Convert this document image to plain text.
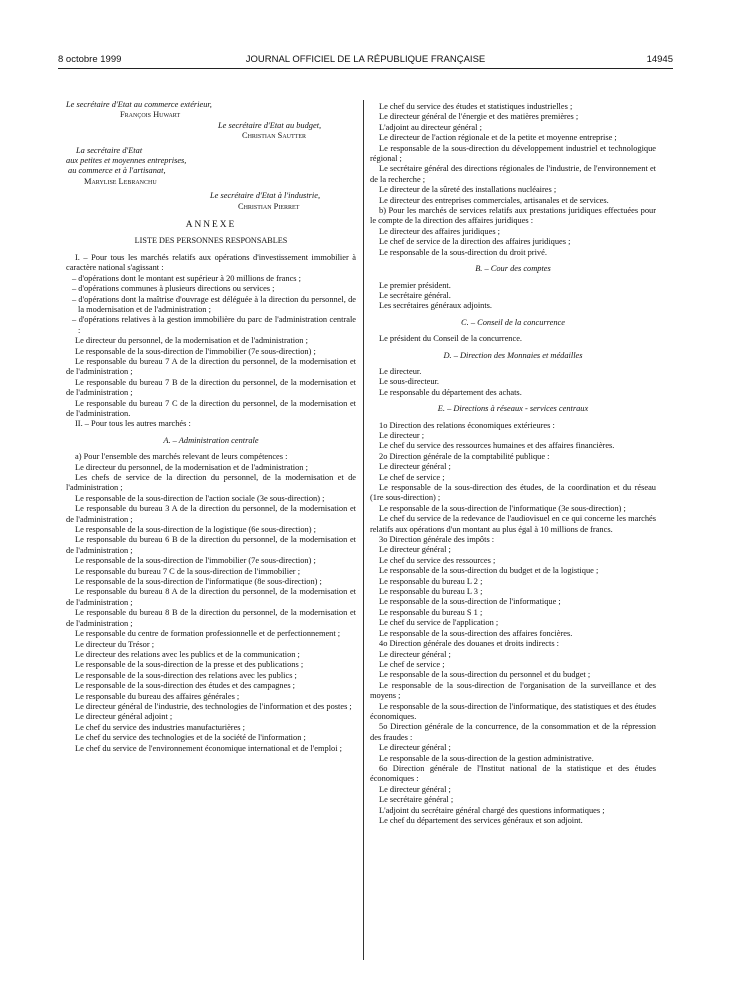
8 octobre 1999	JOURNAL OFFICIEL DE LA RÉPUBLIQUE FRANÇAISE	14945

Le secrétaire d'Etat au commerce extérieur,

François Huwart

Le secrétaire d'Etat au budget,

Christian Sautter

La secrétaire d'Etat

aux petites et moyennes entreprises,

au commerce et à l'artisanat,

Marylise Lebranchu

Le secrétaire d'Etat à l'industrie,

Christian Pierret

ANNEXE

LISTE DES PERSONNES RESPONSABLES

I. – Pour tous les marchés relatifs aux opérations d'investissement immobilier à caractère national s'agissant :

– d'opérations dont le montant est supérieur à 20 millions de francs ;

– d'opérations communes à plusieurs directions ou services ;

– d'opérations dont la maîtrise d'ouvrage est déléguée à la direction du personnel, de la modernisation et de l'administration ;

– d'opérations relatives à la gestion immobilière du parc de l'administration centrale :

Le directeur du personnel, de la modernisation et de l'administration ;

Le responsable de la sous-direction de l'immobilier (7e sous-direction) ;

Le responsable du bureau 7 A de la direction du personnel, de la modernisation et de l'administration ;

Le responsable du bureau 7 B de la direction du personnel, de la modernisation et de l'administration ;

Le responsable du bureau 7 C de la direction du personnel, de la modernisation et de l'administration.

II. – Pour tous les autres marchés :

A. – Administration centrale

a) Pour l'ensemble des marchés relevant de leurs compétences :

Le directeur du personnel, de la modernisation et de l'administration ;

Les chefs de service de la direction du personnel, de la modernisation et de l'administration ;

Le responsable de la sous-direction de l'action sociale (3e sous-direction) ;

Le responsable du bureau 3 A de la direction du personnel, de la modernisation et de l'administration ;

Le responsable de la sous-direction de la logistique (6e sous-direction) ;

Le responsable du bureau 6 B de la direction du personnel, de la modernisation et de l'administration ;

Le responsable de la sous-direction de l'immobilier (7e sous-direction) ;

Le responsable du bureau 7 C de la sous-direction de l'immobilier ;

Le responsable de la sous-direction de l'informatique (8e sous-direction) ;

Le responsable du bureau 8 A de la direction du personnel, de la modernisation et de l'administration ;

Le responsable du bureau 8 B de la direction du personnel, de la modernisation et de l'administration ;

Le responsable du centre de formation professionnelle et de perfectionnement ;

Le directeur du Trésor ;

Le directeur des relations avec les publics et de la communication ;

Le responsable de la sous-direction de la presse et des publications ;

Le responsable de la sous-direction des relations avec les publics ;

Le responsable de la sous-direction des études et des campagnes ;

Le responsable du bureau des affaires générales ;

Le directeur général de l'industrie, des technologies de l'information et des postes ;

Le directeur général adjoint ;

Le chef du service des industries manufacturières ;

Le chef du service des technologies et de la société de l'information ;

Le chef du service de l'environnement économique international et de l'emploi ;

Le chef du service des études et statistiques industrielles ;

Le directeur général de l'énergie et des matières premières ;

L'adjoint au directeur général ;

Le directeur de l'action régionale et de la petite et moyenne entreprise ;

Le responsable de la sous-direction du développement industriel et technologique régional ;

Le secrétaire général des directions régionales de l'industrie, de l'environnement et de la recherche ;

Le directeur de la sûreté des installations nucléaires ;

Le directeur des entreprises commerciales, artisanales et de services.

b) Pour les marchés de services relatifs aux prestations juridiques effectuées pour le compte de la direction des affaires juridiques :

Le directeur des affaires juridiques ;

Le chef de service de la direction des affaires juridiques ;

Le responsable de la sous-direction du droit privé.

B. – Cour des comptes

Le premier président.

Le secrétaire général.

Les secrétaires généraux adjoints.

C. – Conseil de la concurrence

Le président du Conseil de la concurrence.

D. – Direction des Monnaies et médailles

Le directeur.

Le sous-directeur.

Le responsable du département des achats.

E. – Directions à réseaux - services centraux

1o Direction des relations économiques extérieures :

Le directeur ;

Le chef du service des ressources humaines et des affaires financières.

2o Direction générale de la comptabilité publique :

Le directeur général ;

Le chef de service ;

Le responsable de la sous-direction des études, de la coordination et du réseau (1re sous-direction) ;

Le responsable de la sous-direction de l'informatique (3e sous-direction) ;

Le chef du service de la redevance de l'audiovisuel en ce qui concerne les marchés relatifs aux opérations d'un montant au plus égal à 10 millions de francs.

3o Direction générale des impôts :

Le directeur général ;

Le chef du service des ressources ;

Le responsable de la sous-direction du budget et de la logistique ;

Le responsable du bureau L 2 ;

Le responsable du bureau L 3 ;

Le responsable de la sous-direction de l'informatique ;

Le responsable du bureau S 1 ;

Le chef du service de l'application ;

Le responsable de la sous-direction des affaires foncières.

4o Direction générale des douanes et droits indirects :

Le directeur général ;

Le chef de service ;

Le responsable de la sous-direction du personnel et du budget ;

Le responsable de la sous-direction de l'organisation de la surveillance et des moyens ;

Le responsable de la sous-direction de l'informatique, des statistiques et des études économiques.

5o Direction générale de la concurrence, de la consommation et de la répression des fraudes :

Le directeur général ;

Le responsable de la sous-direction de la gestion administrative.

6o Direction générale de l'Institut national de la statistique et des études économiques :

Le directeur général ;

Le secrétaire général ;

L'adjoint du secrétaire général chargé des questions informatiques ;

Le chef du département des services généraux et son adjoint.
